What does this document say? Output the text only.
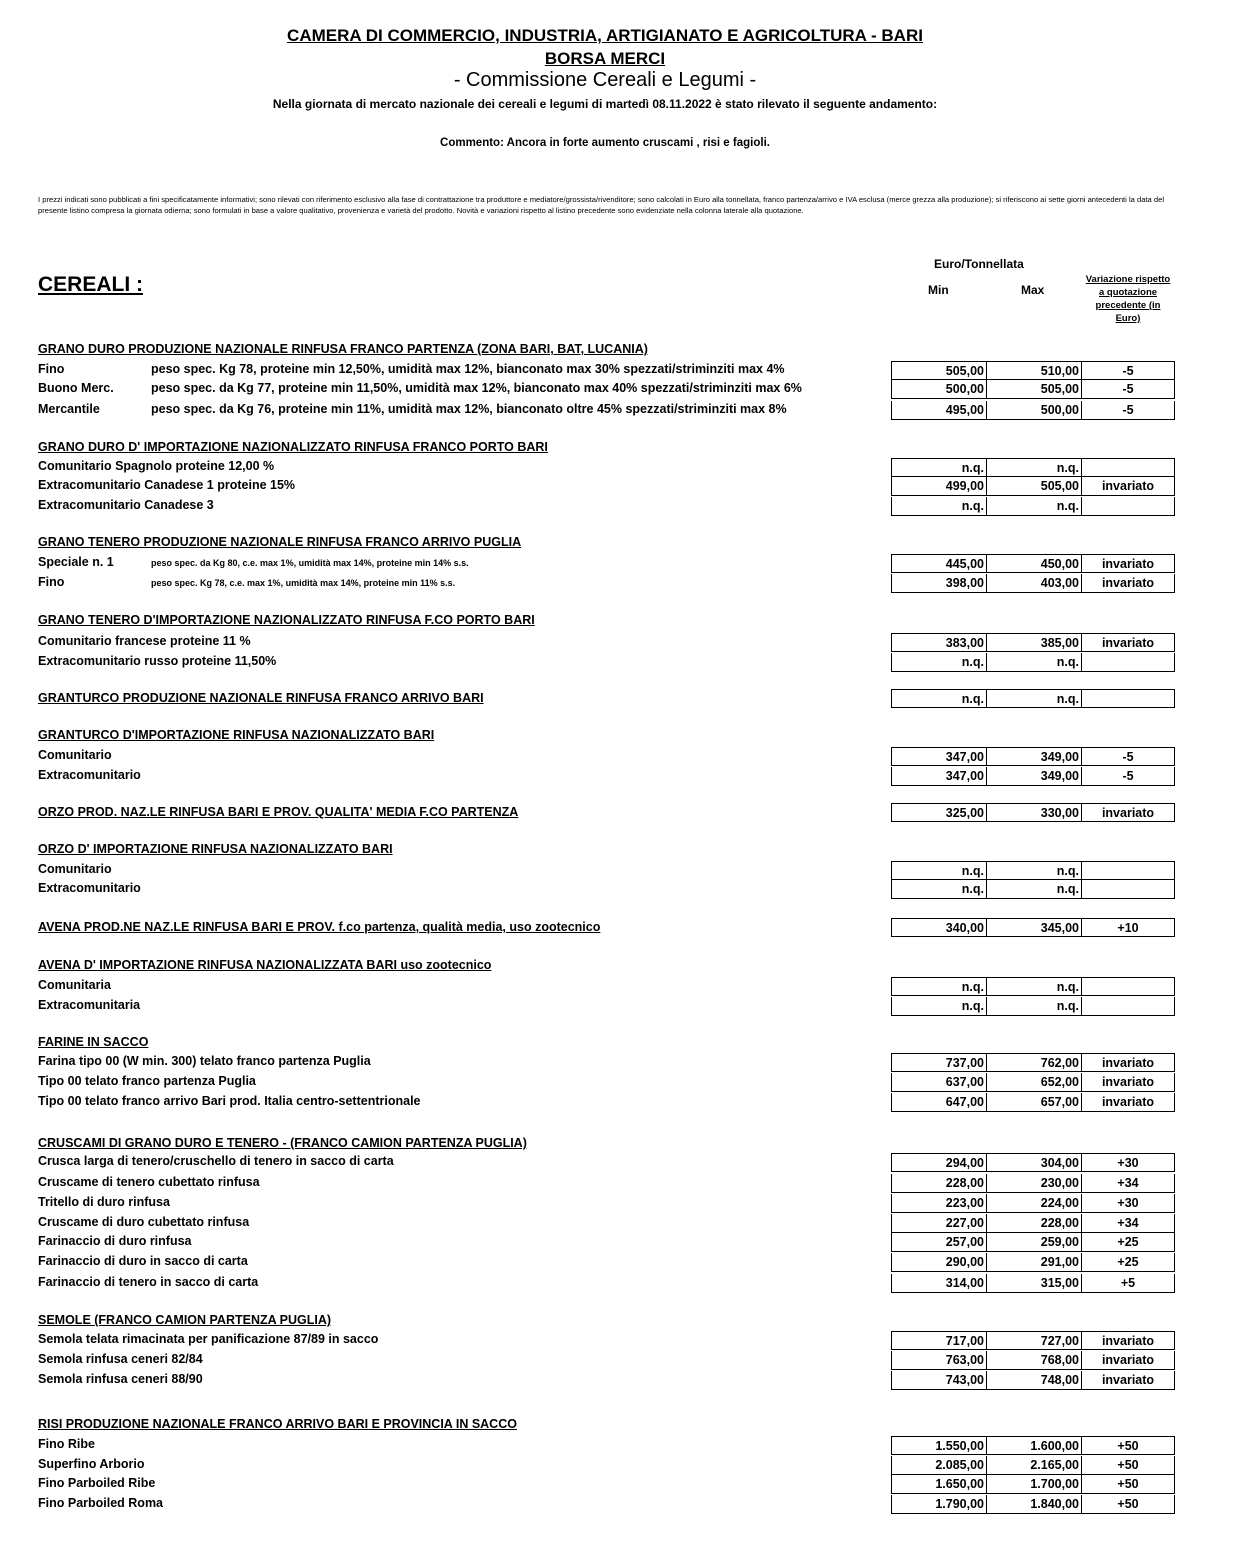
CAMERA DI COMMERCIO, INDUSTRIA, ARTIGIANATO E AGRICOLTURA - BARI
BORSA MERCI
- Commissione Cereali e Legumi -
Nella giornata di mercato nazionale dei cereali e legumi di martedì 08.11.2022 è stato rilevato il seguente andamento:
Commento: Ancora in forte aumento cruscami , risi e fagioli.
I prezzi indicati sono pubblicati a fini specificatamente informativi; sono rilevati con riferimento esclusivo alla fase di contrattazione tra produttore e mediatore/grossista/rivenditore; sono calcolati in Euro alla tonnellata, franco partenza/arrivo e IVA esclusa (merce grezza alla produzione); si riferiscono ai sette giorni antecedenti la data del presente listino compresa la giornata odierna; sono formulati in base a valore qualitativo, provenienza e varietà del prodotto. Novità e variazioni rispetto al listino precedente sono evidenziate nella colonna laterale alla quotazione.
CEREALI :
Euro/Tonnellata
Min	Max
Variazione rispetto a quotazione precedente (in Euro)
GRANO DURO PRODUZIONE NAZIONALE RINFUSA FRANCO PARTENZA (ZONA BARI, BAT, LUCANIA)
Fino	peso spec. Kg 78, proteine min 12,50%, umidità max 12%, bianconato max 30% spezzati/striminziti max 4%	505,00	510,00	-5
Buono Merc.	peso spec. da Kg 77, proteine min 11,50%, umidità max 12%, bianconato max 40% spezzati/striminziti max 6%	500,00	505,00	-5
Mercantile	peso spec. da Kg 76, proteine min 11%, umidità max 12%, bianconato oltre 45% spezzati/striminziti max 8%	495,00	500,00	-5
GRANO DURO D' IMPORTAZIONE NAZIONALIZZATO RINFUSA FRANCO PORTO BARI
Comunitario Spagnolo proteine 12,00 %	n.q.	n.q.
Extracomunitario Canadese 1 proteine 15%	499,00	505,00	invariato
Extracomunitario Canadese 3	n.q.	n.q.
GRANO TENERO PRODUZIONE NAZIONALE RINFUSA FRANCO ARRIVO PUGLIA
Speciale n. 1	peso spec. da Kg 80, c.e. max 1%, umidità max 14%, proteine min 14% s.s.	445,00	450,00	invariato
Fino	peso spec. Kg 78, c.e. max 1%, umidità max 14%, proteine min 11% s.s.	398,00	403,00	invariato
GRANO TENERO D'IMPORTAZIONE NAZIONALIZZATO RINFUSA F.CO PORTO BARI
Comunitario francese proteine 11 %	383,00	385,00	invariato
Extracomunitario russo proteine 11,50%	n.q.	n.q.
GRANTURCO PRODUZIONE NAZIONALE RINFUSA FRANCO ARRIVO BARI	n.q.	n.q.
GRANTURCO D'IMPORTAZIONE RINFUSA NAZIONALIZZATO BARI
Comunitario	347,00	349,00	-5
Extracomunitario	347,00	349,00	-5
ORZO PROD. NAZ.LE RINFUSA BARI E PROV. QUALITA' MEDIA F.CO PARTENZA	325,00	330,00	invariato
ORZO D' IMPORTAZIONE RINFUSA NAZIONALIZZATO BARI
Comunitario	n.q.	n.q.
Extracomunitario	n.q.	n.q.
AVENA PROD.NE NAZ.LE RINFUSA BARI E PROV. f.co partenza, qualità media, uso zootecnico	340,00	345,00	+10
AVENA D' IMPORTAZIONE RINFUSA NAZIONALIZZATA BARI uso zootecnico
Comunitaria	n.q.	n.q.
Extracomunitaria	n.q.	n.q.
FARINE IN SACCO
Farina tipo 00 (W min. 300) telato franco partenza Puglia	737,00	762,00	invariato
Tipo 00 telato franco partenza Puglia	637,00	652,00	invariato
Tipo 00 telato franco arrivo Bari prod. Italia centro-settentrionale	647,00	657,00	invariato
CRUSCAMI DI GRANO DURO E TENERO - (FRANCO CAMION PARTENZA PUGLIA)
Crusca larga di tenero/cruschello di tenero in sacco di carta	294,00	304,00	+30
Cruscame di tenero cubettato rinfusa	228,00	230,00	+34
Tritello di duro rinfusa	223,00	224,00	+30
Cruscame di duro cubettato rinfusa	227,00	228,00	+34
Farinaccio di duro rinfusa	257,00	259,00	+25
Farinaccio di duro in sacco di carta	290,00	291,00	+25
Farinaccio di tenero in sacco di carta	314,00	315,00	+5
SEMOLE (FRANCO CAMION PARTENZA PUGLIA)
Semola telata rimacinata per panificazione 87/89 in sacco	717,00	727,00	invariato
Semola rinfusa ceneri 82/84	763,00	768,00	invariato
Semola rinfusa ceneri 88/90	743,00	748,00	invariato
RISI PRODUZIONE NAZIONALE FRANCO ARRIVO BARI E PROVINCIA IN SACCO
Fino Ribe	1.550,00	1.600,00	+50
Superfino Arborio	2.085,00	2.165,00	+50
Fino Parboiled Ribe	1.650,00	1.700,00	+50
Fino Parboiled Roma	1.790,00	1.840,00	+50
